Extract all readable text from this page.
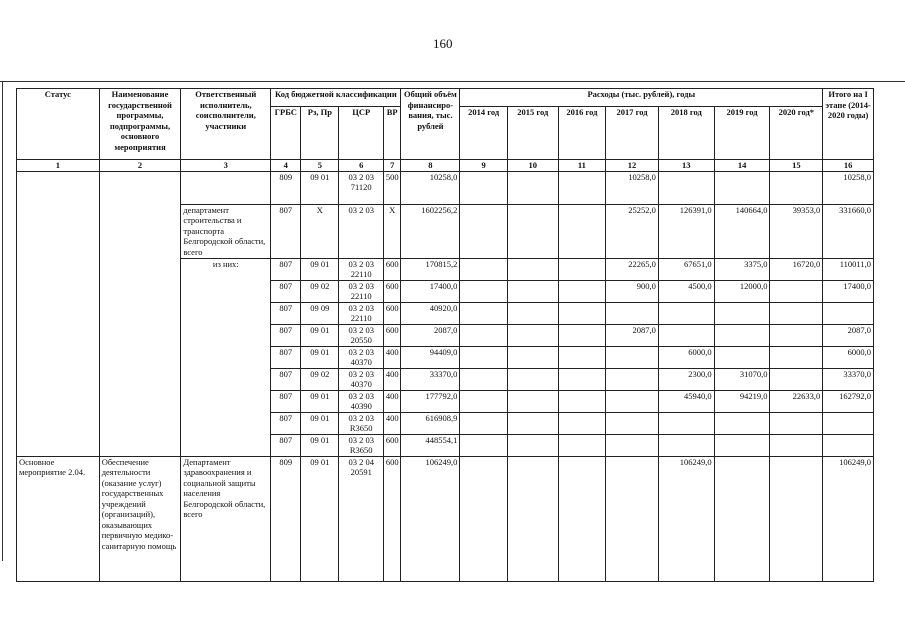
160
Статус	Наименование государственной программы, подпрограммы, основного мероприятия	Ответственный исполнитель, соисполнители, участники	Код бюджетной классификации				Общий объём финансиро-вания, тыс. рублей	Расходы (тыс. рублей), годы							Итого на I этапе (2014-2020 годы)
			ГРБС	Рз, Пр	ЦСР	ВР		2014 год	2015 год	2016 год	2017 год	2018 год	2019 год	2020 год*	
1	2	3	4	5	6	7	8	9	10	11	12	13	14	15	16
			809	09 01	03 2 03 71120	500	10258,0				10258,0				10258,0
		департамент строительства и транспорта Белгородской области, всего	807	Х	03 2 03	Х	1602256,2				25252,0	126391,0	140664,0	39353,0	331660,0
		из них:	807	09 01	03 2 03 22110	600	170815,2				22265,0	67651,0	3375,0	16720,0	110011,0
			807	09 02	03 2 03 22110	600	17400,0				900,0	4500,0	12000,0		17400,0
			807	09 09	03 2 03 22110	600	40920,0								
			807	09 01	03 2 03 20550	600	2087,0				2087,0				2087,0
			807	09 01	03 2 03 40370	400	94409,0					6000,0			6000,0
			807	09 02	03 2 03 40370	400	33370,0					2300,0	31070,0		33370,0
			807	09 01	03 2 03 40390	400	177792,0					45940,0	94219,0	22633,0	162792,0
			807	09 01	03 2 03 R3650	400	616908,9								
			807	09 01	03 2 03 R3650	600	448554,1								
Основное мероприятие 2.04.	Обеспечение деятельности (оказание услуг) государственных учреждений (организаций), оказывающих первичную медико-санитарную помощь	Департамент здравоохранения и социальной защиты населения Белгородской области, всего	809	09 01	03 2 04 20591	600	106249,0					106249,0			106249,0
